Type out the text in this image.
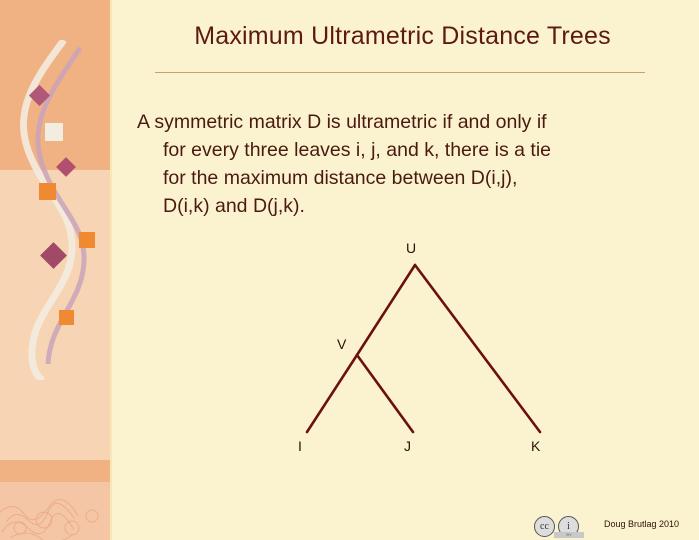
Maximum Ultrametric Distance Trees
A symmetric matrix D is ultrametric if and only if
for every three leaves i, j, and k, there is a tie
for the maximum distance between D(i,j),
D(i,k) and D(j,k).
U
V
I	J	K
cc	i
BY
Doug Brutlag 2010
